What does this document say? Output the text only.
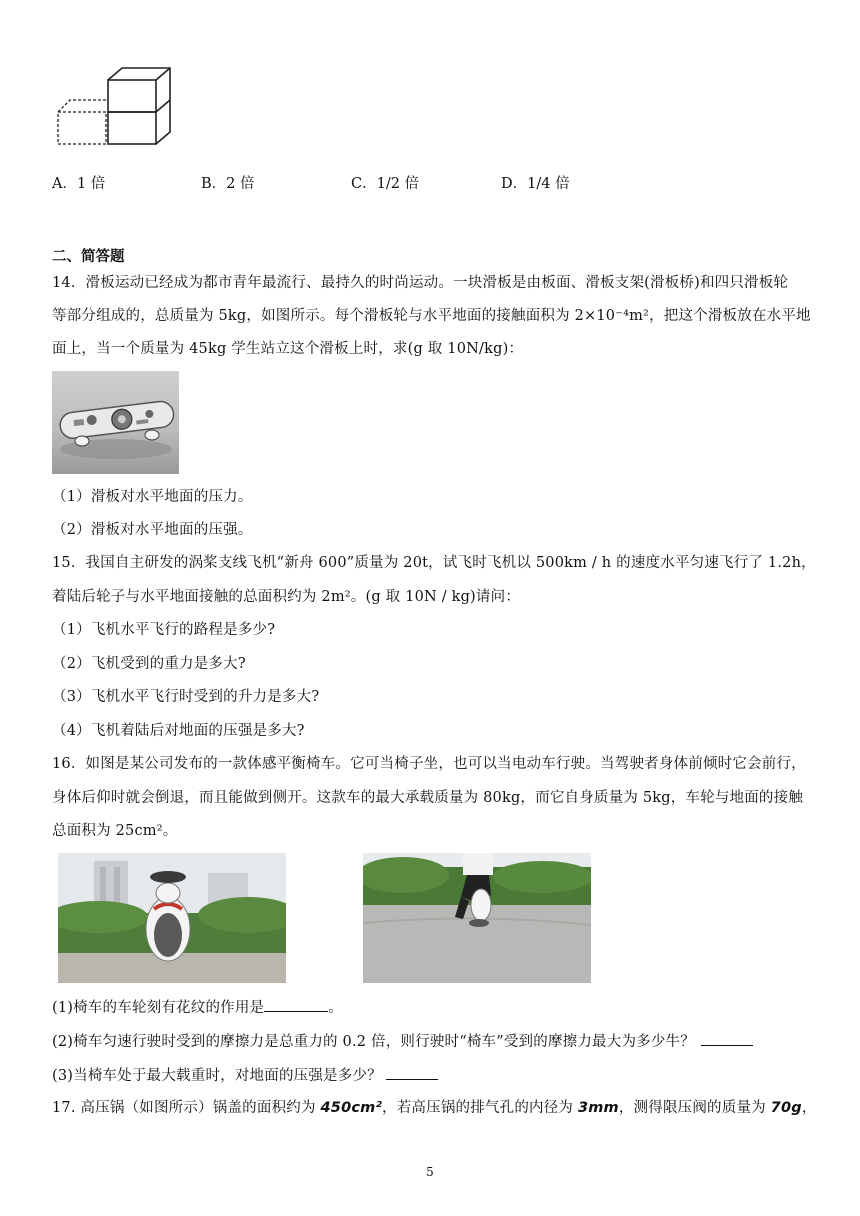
A．1 倍	B．2 倍	C．1/2 倍	D．1/4 倍
二、简答题
14．滑板运动已经成为都市青年最流行、最持久的时尚运动。一块滑板是由板面、滑板支架(滑板桥)和四只滑板轮
等部分组成的，总质量为 5kg，如图所示。每个滑板轮与水平地面的接触面积为 2×10⁻⁴m²，把这个滑板放在水平地
面上，当一个质量为 45kg 学生站立这个滑板上时，求(g 取 10N/kg)：
（1）滑板对水平地面的压力。
（2）滑板对水平地面的压强。
15．我国自主研发的涡桨支线飞机“新舟 600”质量为 20t，试飞时飞机以 500km / h 的速度水平匀速飞行了 1.2h，
着陆后轮子与水平地面接触的总面积约为 2m²。(g 取 10N / kg)请问：
（1）飞机水平飞行的路程是多少?
（2）飞机受到的重力是多大?
（3）飞机水平飞行时受到的升力是多大?
（4）飞机着陆后对地面的压强是多大?
16．如图是某公司发布的一款体感平衡椅车。它可当椅子坐，也可以当电动车行驶。当驾驶者身体前倾时它会前行，
身体后仰时就会倒退，而且能做到侧开。这款车的最大承载质量为 80kg，而它自身质量为 5kg，车轮与地面的接触
总面积为 25cm²。
(1)椅车的车轮刻有花纹的作用是	。
(2)椅车匀速行驶时受到的摩擦力是总重力的 0.2 倍，则行驶时“椅车”受到的摩擦力最大为多少牛？
(3)当椅车处于最大载重时，对地面的压强是多少？
17. 高压锅（如图所示）锅盖的面积约为 450cm²，若高压锅的排气孔的内径为 3mm，测得限压阀的质量为 70g，
5
